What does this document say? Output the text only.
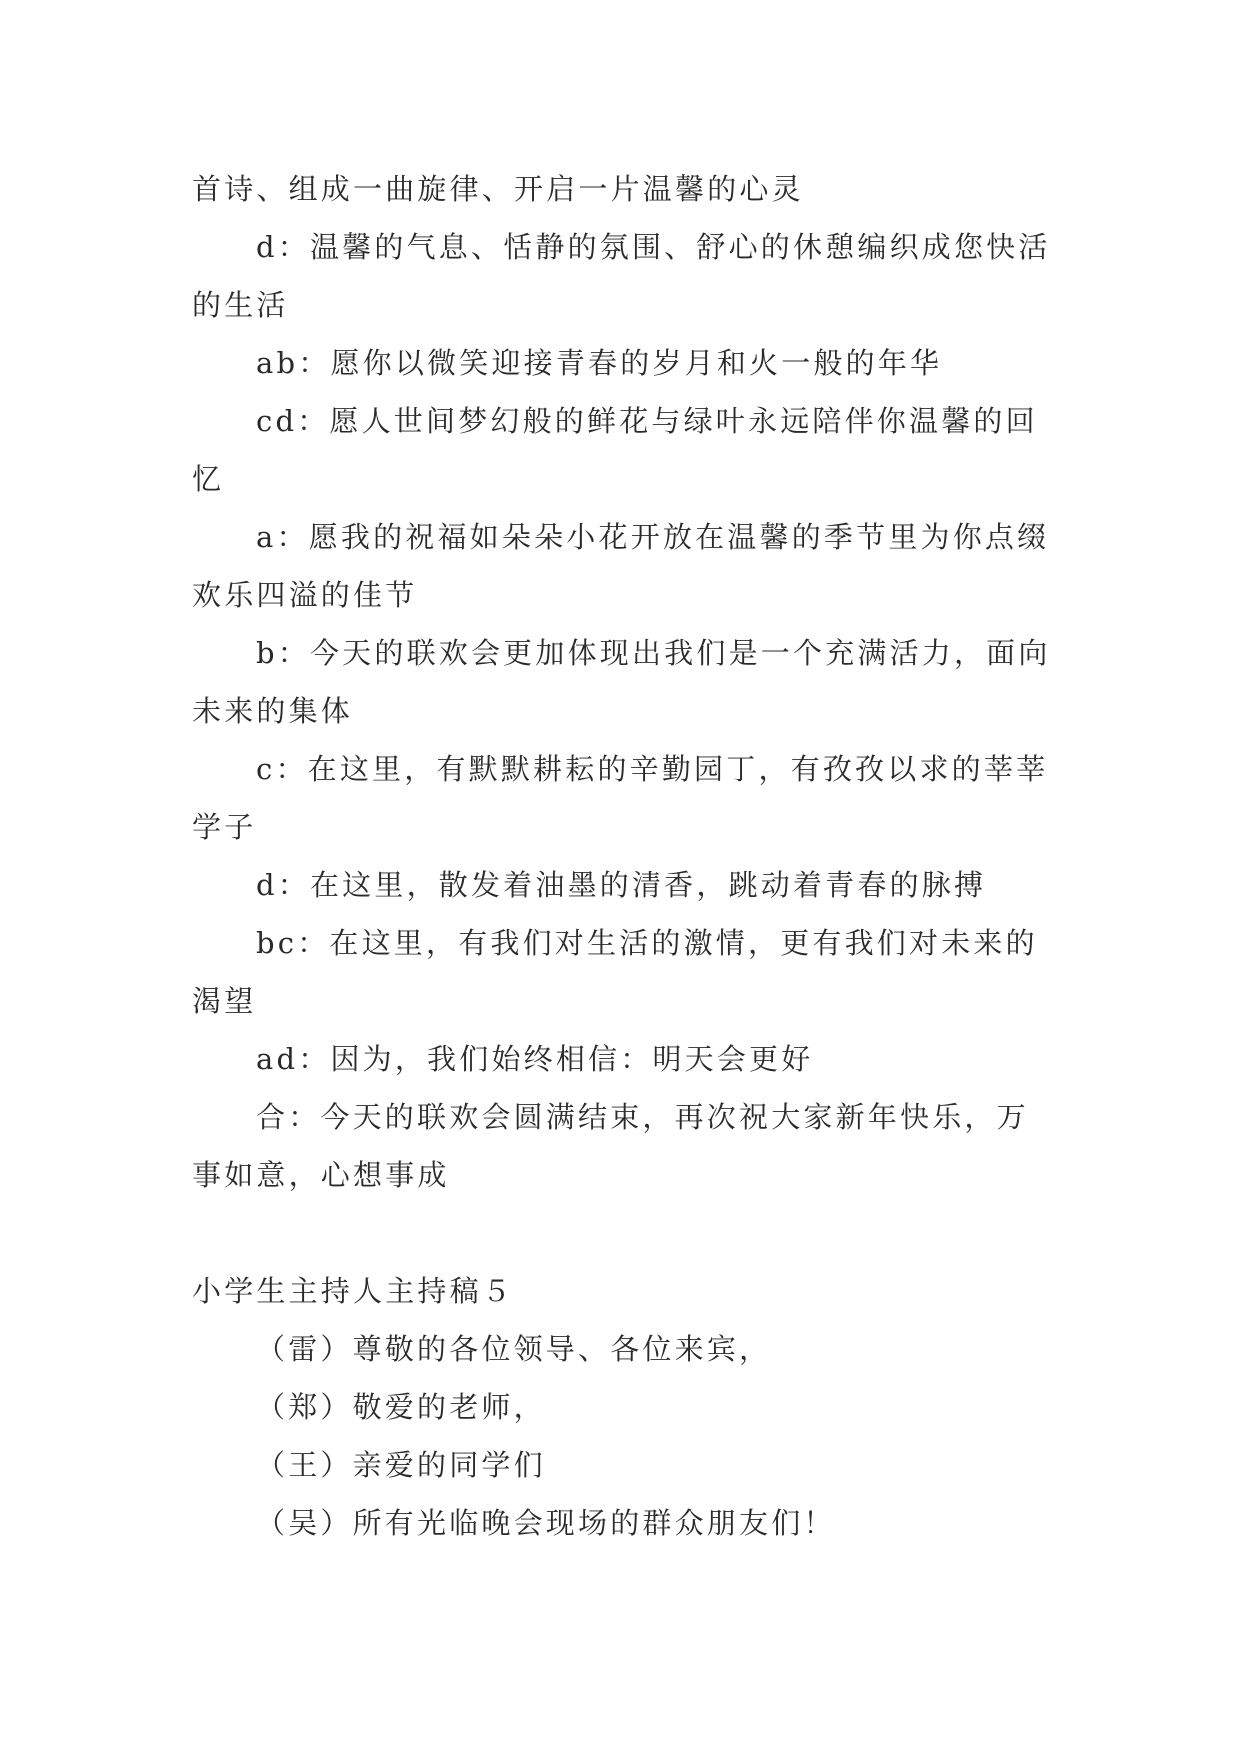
首诗、组成一曲旋律、开启一片温馨的心灵

d：温馨的气息、恬静的氛围、舒心的休憩编织成您快活的生活

ab：愿你以微笑迎接青春的岁月和火一般的年华

cd：愿人世间梦幻般的鲜花与绿叶永远陪伴你温馨的回忆

a：愿我的祝福如朵朵小花开放在温馨的季节里为你点缀欢乐四溢的佳节

b：今天的联欢会更加体现出我们是一个充满活力，面向未来的集体

c：在这里，有默默耕耘的辛勤园丁，有孜孜以求的莘莘学子

d：在这里，散发着油墨的清香，跳动着青春的脉搏

bc：在这里，有我们对生活的激情，更有我们对未来的渴望

ad：因为，我们始终相信：明天会更好

合：今天的联欢会圆满结束，再次祝大家新年快乐，万事如意，心想事成

小学生主持人主持稿５

（雷）尊敬的各位领导、各位来宾，

（郑）敬爱的老师，

（王）亲爱的同学们

（吴）所有光临晚会现场的群众朋友们！
